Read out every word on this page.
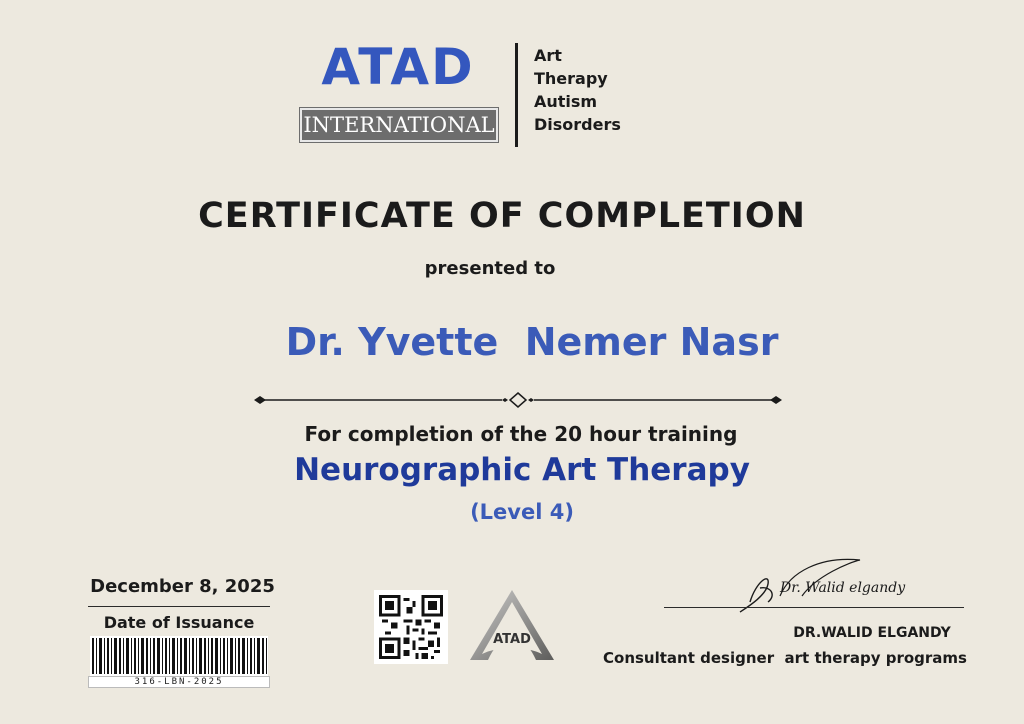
ATAD
INTERNATIONAL
Art
Therapy
Autism
Disorders
CERTIFICATE OF COMPLETION
presented to
Dr. Yvette  Nemer Nasr
For completion of the 20 hour training
Neurographic Art Therapy
(Level 4)
December 8, 2025
Date of Issuance
316-LBN-2025
ATAD
Dr. Walid elgandy
DR.WALID ELGANDY
Consultant designer  art therapy programs
